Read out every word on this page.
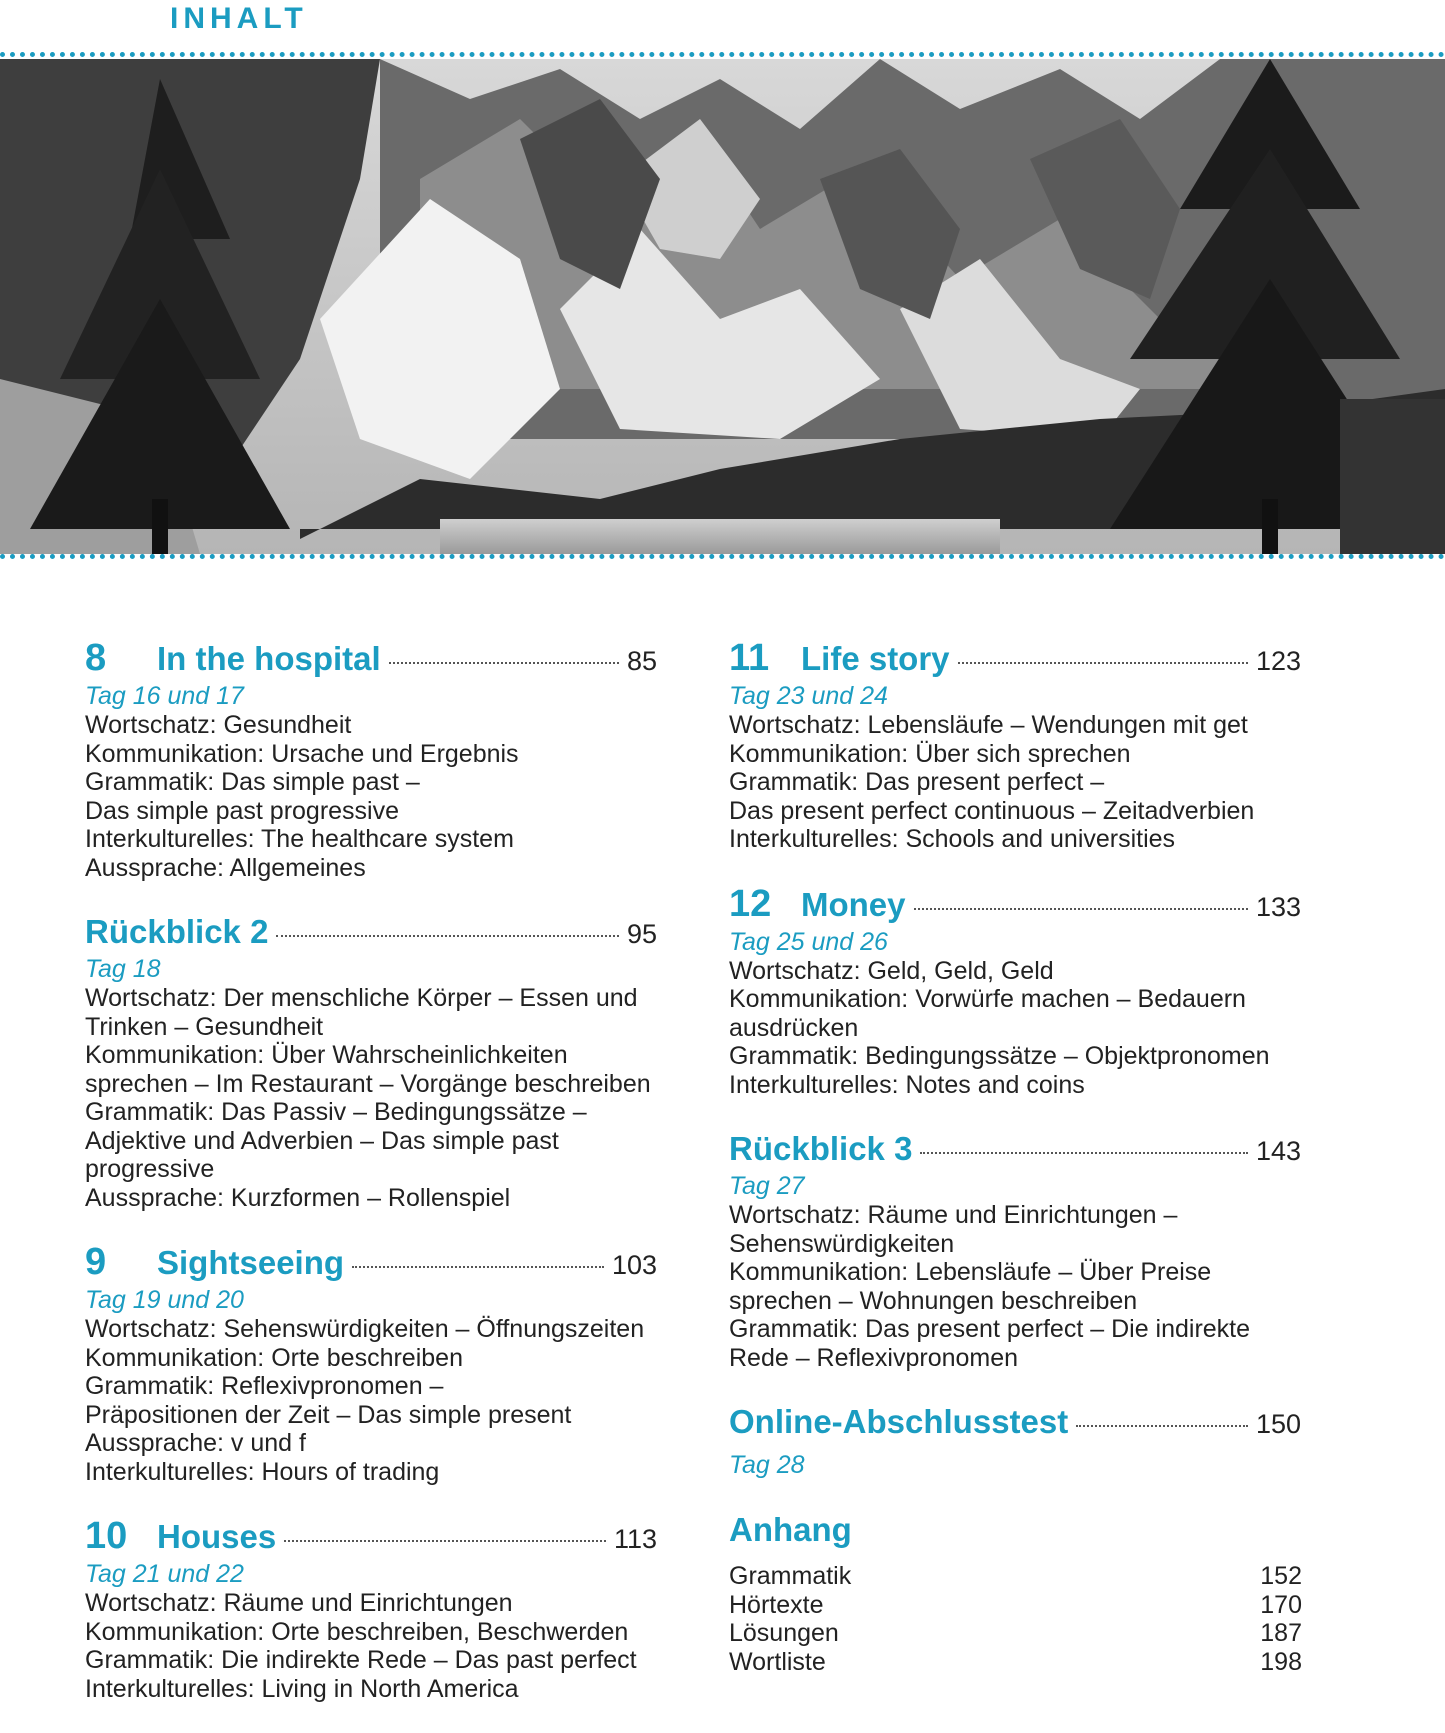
INHALT
8	In the hospital	85
Tag 16 und 17
Wortschatz: Gesundheit
Kommunikation: Ursache und Ergebnis
Grammatik: Das simple past –
Das simple past progressive
Interkulturelles: The healthcare system
Aussprache: Allgemeines
Rückblick 2	95
Tag 18
Wortschatz: Der menschliche Körper – Essen und
Trinken – Gesundheit
Kommunikation: Über Wahrscheinlichkeiten
sprechen – Im Restaurant – Vorgänge beschreiben
Grammatik: Das Passiv – Bedingungssätze –
Adjektive und Adverbien – Das simple past
progressive
Aussprache: Kurzformen – Rollenspiel
9	Sightseeing	103
Tag 19 und 20
Wortschatz: Sehenswürdigkeiten – Öffnungszeiten
Kommunikation: Orte beschreiben
Grammatik: Reflexivpronomen –
Präpositionen der Zeit – Das simple present
Aussprache: v und f
Interkulturelles: Hours of trading
10 Houses	113
Tag 21 und 22
Wortschatz: Räume und Einrichtungen
Kommunikation: Orte beschreiben, Beschwerden
Grammatik: Die indirekte Rede – Das past perfect
Interkulturelles: Living in North America
11 Life story	123
Tag 23 und 24
Wortschatz: Lebensläufe – Wendungen mit get
Kommunikation: Über sich sprechen
Grammatik: Das present perfect –
Das present perfect continuous – Zeitadverbien
Interkulturelles: Schools and universities
12 Money	133
Tag 25 und 26
Wortschatz: Geld, Geld, Geld
Kommunikation: Vorwürfe machen – Bedauern
ausdrücken
Grammatik: Bedingungssätze – Objektpronomen
Interkulturelles: Notes and coins
Rückblick 3	143
Tag 27
Wortschatz: Räume und Einrichtungen –
Sehenswürdigkeiten
Kommunikation: Lebensläufe – Über Preise
sprechen – Wohnungen beschreiben
Grammatik: Das present perfect – Die indirekte
Rede – Reflexivpronomen
Online-Abschlusstest	150
Tag 28
Anhang
Grammatik	152
Hörtexte	170
Lösungen	187
Wortliste	198
